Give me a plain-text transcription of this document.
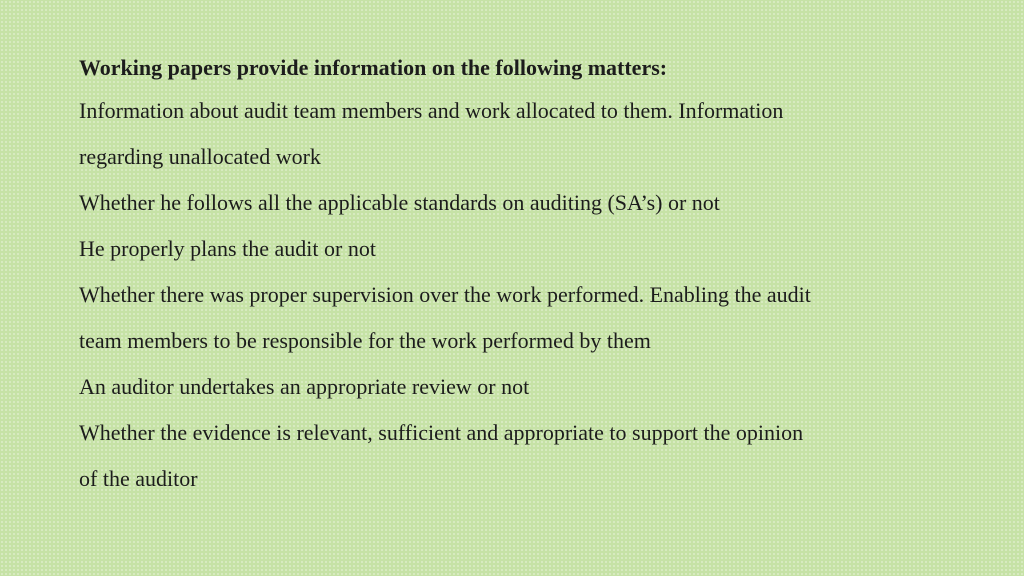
Working papers provide information on the following matters:

Information about audit team members and work allocated to them. Information

regarding unallocated work

Whether he follows all the applicable standards on auditing (SA’s) or not

He properly plans the audit or not

Whether there was proper supervision over the work performed. Enabling the audit

team members to be responsible for the work performed by them

An auditor undertakes an appropriate review or not

Whether the evidence is relevant, sufficient and appropriate to support the opinion

of the auditor
